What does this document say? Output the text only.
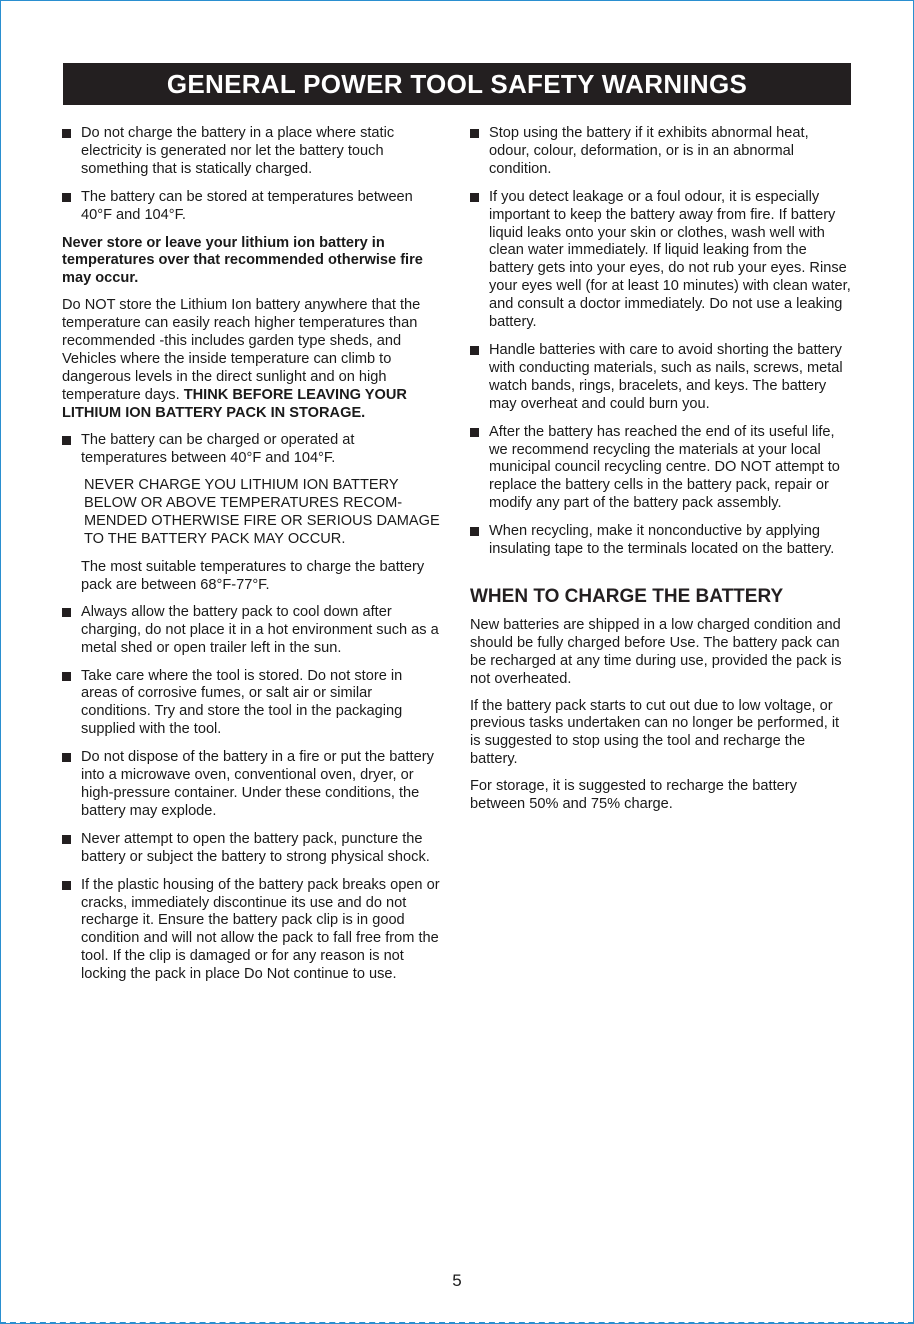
GENERAL POWER TOOL SAFETY WARNINGS
Do not charge the battery in a place where static electricity is generated nor let the battery touch something that is statically charged.
The battery can be stored at temperatures between 40°F and 104°F.

Never store or leave your lithium ion battery in temperatures over that recommended otherwise fire may occur.

Do NOT store the Lithium Ion battery anywhere that the temperature can easily reach higher temperatures than recommended -this includes garden type sheds, and Vehicles where the inside temperature can climb to dangerous levels in the direct sunlight and on high temperature days. THINK BEFORE LEAVING YOUR LITHIUM ION BATTERY PACK IN STORAGE.

The battery can be charged or operated at temperatures between 40°F and 104°F.

NEVER CHARGE YOU LITHIUM ION BATTERY BELOW OR ABOVE TEMPERATURES RECOM-MENDED OTHERWISE FIRE OR SERIOUS DAMAGE TO THE BATTERY PACK MAY OCCUR.

The most suitable temperatures to charge the battery pack are between 68°F-77°F.

Always allow the battery pack to cool down after charging, do not place it in a hot environment such as a metal shed or open trailer left in the sun.
Take care where the tool is stored. Do not store in areas of corrosive fumes, or salt air or similar conditions. Try and store the tool in the packaging supplied with the tool.
Do not dispose of the battery in a fire or put the battery into a microwave oven, conventional oven, dryer, or high-pressure container. Under these conditions, the battery may explode.
Never attempt to open the battery pack, puncture the battery or subject the battery to strong physical shock.
If the plastic housing of the battery pack breaks open or cracks, immediately discontinue its use and do not recharge it. Ensure the battery pack clip is in good condition and will not allow the pack to fall free from the tool. If the clip is damaged or for any reason is not locking the pack in place Do Not continue to use.
Stop using the battery if it exhibits abnormal heat, odour, colour, deformation, or is in an abnormal condition.
If you detect leakage or a foul odour, it is especially important to keep the battery away from fire. If battery liquid leaks onto your skin or clothes, wash well with clean water immediately. If liquid leaking from the battery gets into your eyes, do not rub your eyes. Rinse your eyes well (for at least 10 minutes) with clean water, and consult a doctor immediately. Do not use a leaking battery.
Handle batteries with care to avoid shorting the battery with conducting materials, such as nails, screws, metal watch bands, rings, bracelets, and keys. The battery may overheat and could burn you.
After the battery has reached the end of its useful life, we recommend recycling the materials at your local municipal council recycling centre. DO NOT attempt to replace the battery cells in the battery pack, repair or modify any part of the battery pack assembly.
When recycling, make it nonconductive by applying insulating tape to the terminals located on the battery.
WHEN TO CHARGE THE BATTERY

New batteries are shipped in a low charged condition and should be fully charged before Use. The battery pack can be recharged at any time during use, provided the pack is not overheated.

If the battery pack starts to cut out due to low voltage, or previous tasks undertaken can no longer be performed, it is suggested to stop using the tool and recharge the battery.

For storage, it is suggested to recharge the battery between 50% and 75% charge.

5
